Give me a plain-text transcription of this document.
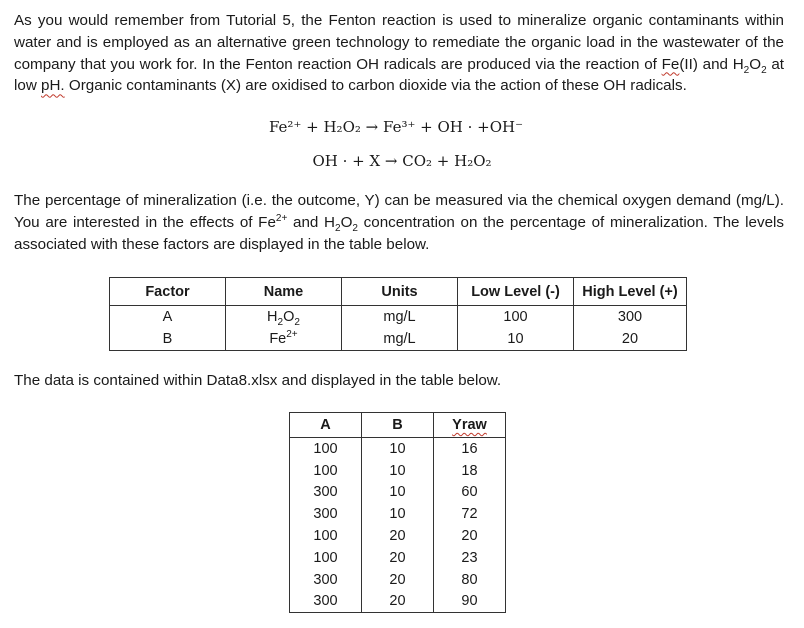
As you would remember from Tutorial 5, the Fenton reaction is used to mineralize organic contaminants within water and is employed as an alternative green technology to remediate the organic load in the wastewater of the company that you work for. In the Fenton reaction OH radicals are produced via the reaction of Fe(II) and $H_2O_2$ at low pH. Organic contaminants (X) are oxidised to carbon dioxide via the action of these OH radicals.

Fe²⁺ + H₂O₂ → Fe³⁺ + OH · +OH⁻
OH · + X → CO₂ + H₂O₂

The percentage of mineralization (i.e. the outcome, Y) can be measured via the chemical oxygen demand (mg/L). You are interested in the effects of $Fe^{2+}$ and $H_2O_2$ concentration on the percentage of mineralization. The levels associated with these factors are displayed in the table below.

Factor	Name	Units	Low Level (-)	High Level (+)
A	$H_2O_2$	mg/L	100	300
B	$Fe^{2+}$	mg/L	10	20

The data is contained within Data8.xlsx and displayed in the table below.

A	B	Yraw
100	10	16
100	10	18
300	10	60
300	10	72
100	20	20
100	20	23
300	20	80
300	20	90
